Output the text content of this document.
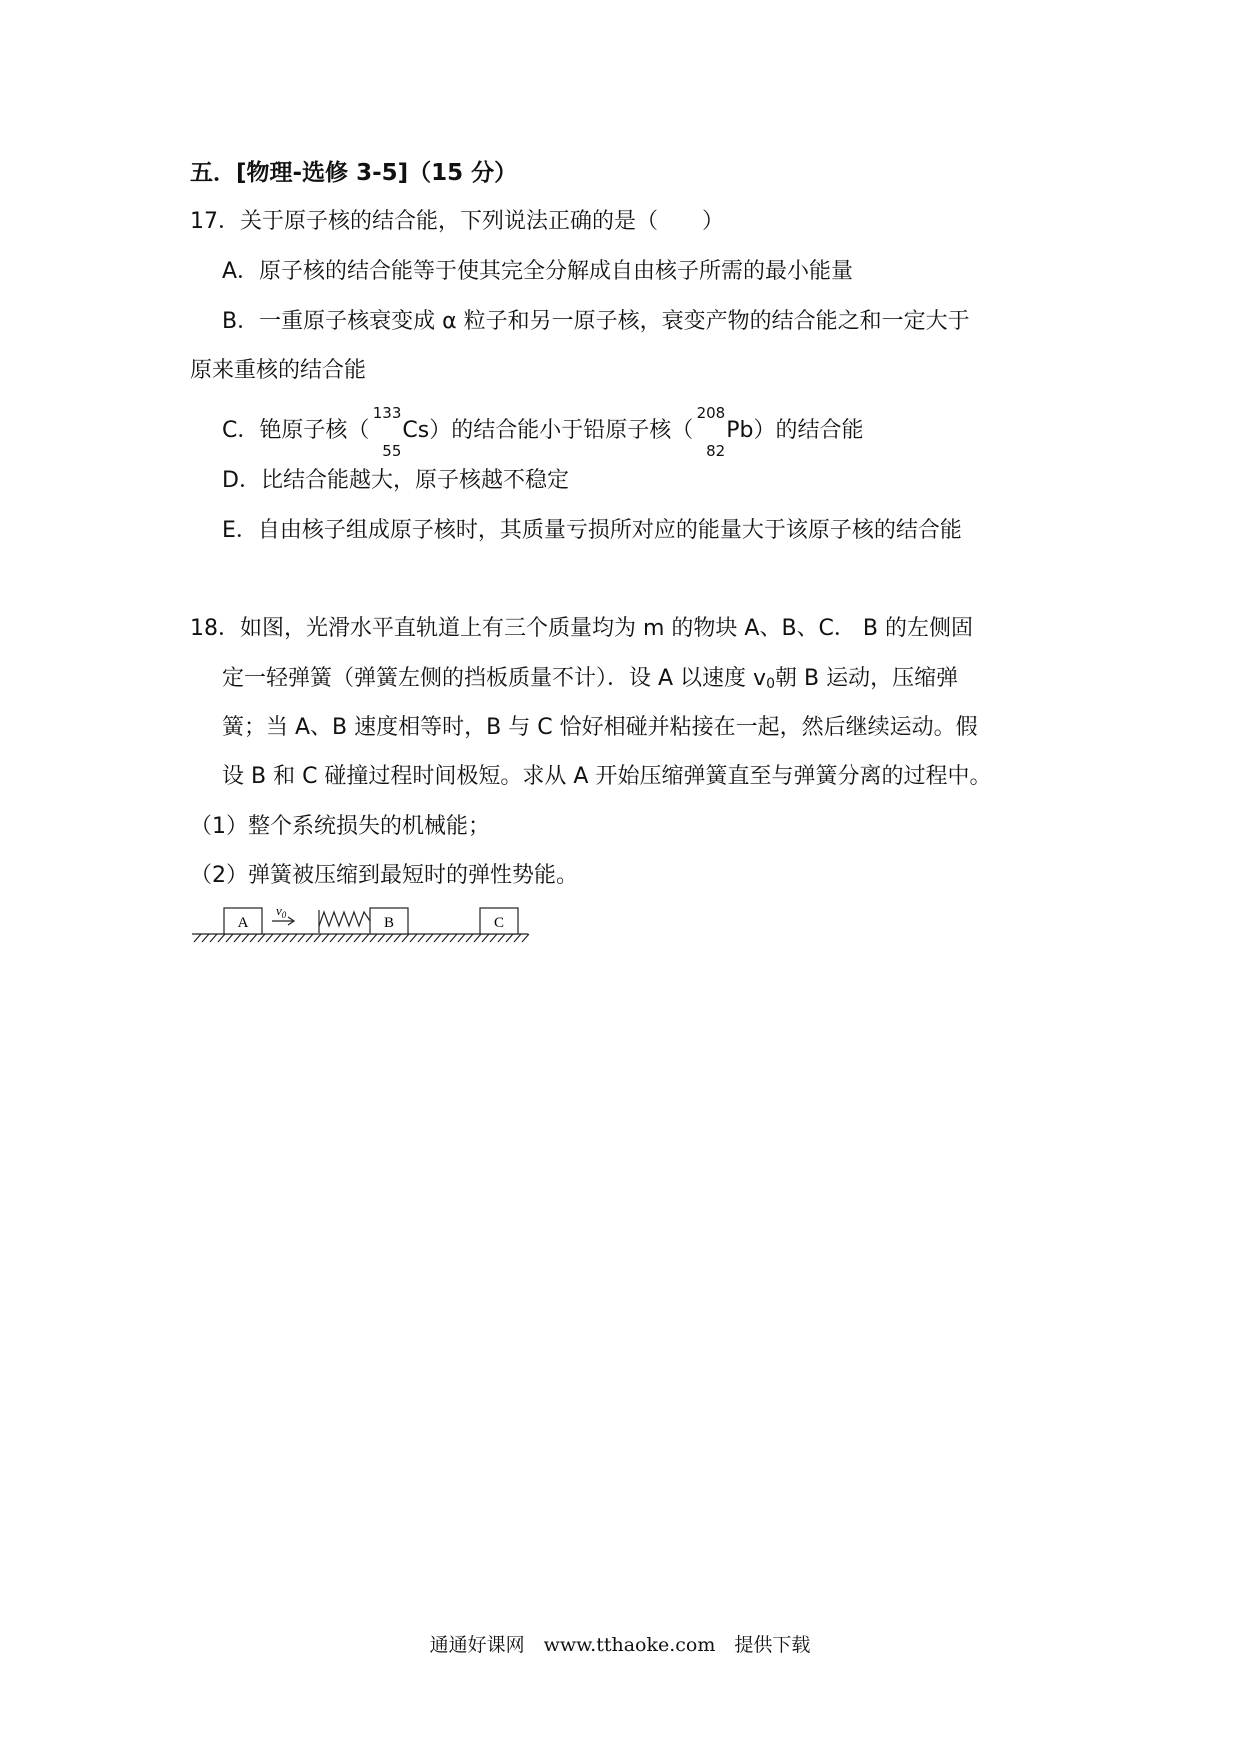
五．[物理-选修 3-5]（15 分）
17．关于原子核的结合能，下列说法正确的是（　　）
A．原子核的结合能等于使其完全分解成自由核子所需的最小能量
B．一重原子核衰变成 α 粒子和另一原子核，衰变产物的结合能之和一定大于
原来重核的结合能
C．铯原子核（
133
55
Cs）的结合能小于铅原子核（
208
82
Pb）的结合能
D．比结合能越大，原子核越不稳定
E．自由核子组成原子核时，其质量亏损所对应的能量大于该原子核的结合能
18．如图，光滑水平直轨道上有三个质量均为 m 的物块 A、B、C． B 的左侧固
定一轻弹簧（弹簧左侧的挡板质量不计）．设 A 以速度 v0朝 B 运动，压缩弹
簧；当 A、B 速度相等时，B 与 C 恰好相碰并粘接在一起，然后继续运动。假
设 B 和 C 碰撞过程时间极短。求从 A 开始压缩弹簧直至与弹簧分离的过程中。
（1）整个系统损失的机械能；
（2）弹簧被压缩到最短时的弹性势能。
A	B	C
$v_0$
通通好课网　www.tthaoke.com　提供下载
